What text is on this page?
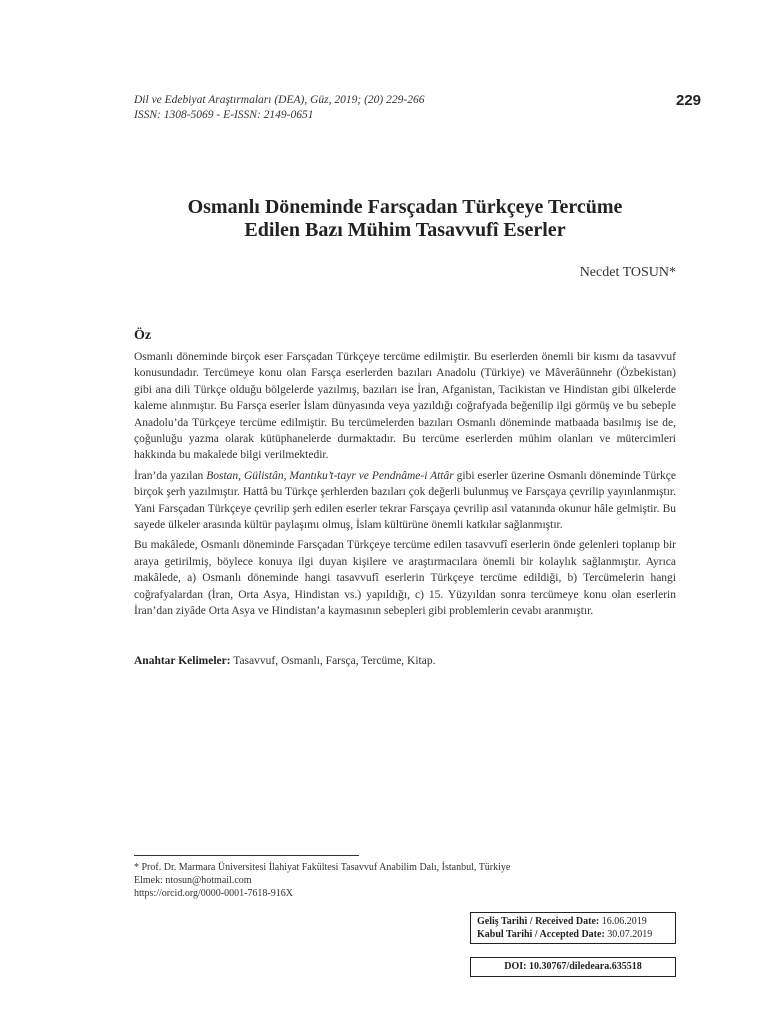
Dil ve Edebiyat Araştırmaları (DEA), Güz, 2019; (20) 229-266
ISSN: 1308-5069 - E-ISSN: 2149-0651
229
Osmanlı Döneminde Farsçadan Türkçeye Tercüme
Edilen Bazı Mühim Tasavvufî Eserler
Necdet TOSUN*
Öz

Osmanlı döneminde birçok eser Farsçadan Türkçeye tercüme edilmiştir. Bu eserlerden önemli bir kısmı da tasavvuf konusundadır. Tercümeye konu olan Farsça eserlerden bazıları Anadolu (Türkiye) ve Mâverâünnehr (Özbekistan) gibi ana dili Türkçe olduğu bölgelerde yazılmış, bazıları ise İran, Afganistan, Tacikistan ve Hindistan gibi ülkelerde kaleme alınmıştır. Bu Farsça eserler İslam dünyasında veya yazıldığı coğrafyada beğenilip ilgi görmüş ve bu sebeple Anadolu’da Türkçeye tercüme edilmiştir. Bu tercümelerden bazıları Osmanlı döneminde matbaada basılmış ise de, çoğunluğu yazma olarak kütüphanelerde durmaktadır. Bu tercüme eserlerden mühim olanları ve mütercimleri hakkında bu makalede bilgi verilmektedir.

İran’da yazılan Bostan, Gülistân, Mantıku’t-tayr ve Pendnâme-i Attâr gibi eserler üzerine Osmanlı döneminde Türkçe birçok şerh yazılmıştır. Hattâ bu Türkçe şerhlerden bazıları çok değerli bulunmuş ve Farsçaya çevrilip yayınlanmıştır. Yani Farsçadan Türkçeye çevrilip şerh edilen eserler tekrar Farsçaya çevrilip asıl vatanında okunur hâle gelmiştir. Bu sayede ülkeler arasında kültür paylaşımı olmuş, İslam kültürüne önemli katkılar sağlanmıştır.

Bu makâlede, Osmanlı döneminde Farsçadan Türkçeye tercüme edilen tasavvufî eserlerin önde gelenleri toplanıp bir araya getirilmiş, böylece konuya ilgi duyan kişilere ve araştırmacılara önemli bir kolaylık sağlanmıştır. Ayrıca makâlede, a) Osmanlı döneminde hangi tasavvufî eserlerin Türkçeye tercüme edildiği, b) Tercümelerin hangi coğrafyalardan (İran, Orta Asya, Hindistan vs.) yapıldığı, c) 15. Yüzyıldan sonra tercümeye konu olan eserlerin İran’dan ziyâde Orta Asya ve Hindistan’a kaymasının sebepleri gibi problemlerin cevabı aranmıştır.

Anahtar Kelimeler: Tasavvuf, Osmanlı, Farsça, Tercüme, Kitap.
* Prof. Dr. Marmara Üniversitesi İlahiyat Fakültesi Tasavvuf Anabilim Dalı, İstanbul, Türkiye
Elmek: ntosun@hotmail.com
https://orcid.org/0000-0001-7618-916X
Geliş Tarihi / Received Date: 16.06.2019
Kabul Tarihi / Accepted Date: 30.07.2019
DOI: 10.30767/diledeara.635518
